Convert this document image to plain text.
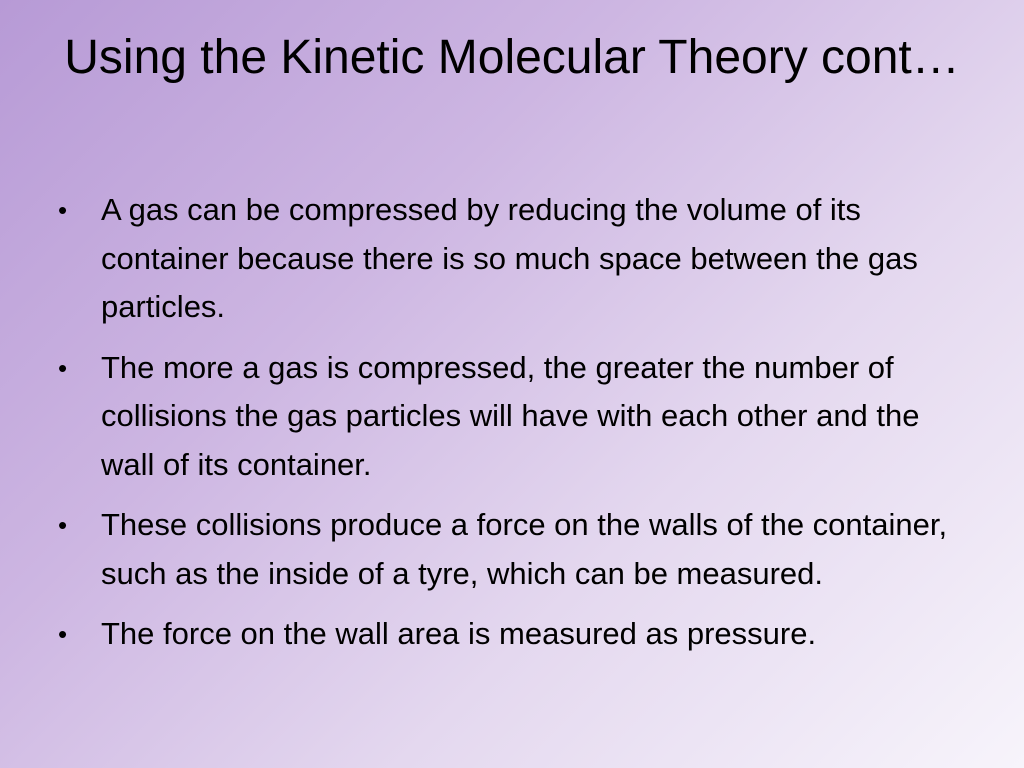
Using the Kinetic Molecular Theory cont…
•	A gas can be compressed by reducing the volume of its container because there is so much space between the gas particles.
•	The more a gas is compressed, the greater the number of collisions the gas particles will have with each other and the wall of its container.
•	These collisions produce a force on the walls of the container, such as the inside of a tyre, which can be measured.
•	The force on the wall area is measured as pressure.
